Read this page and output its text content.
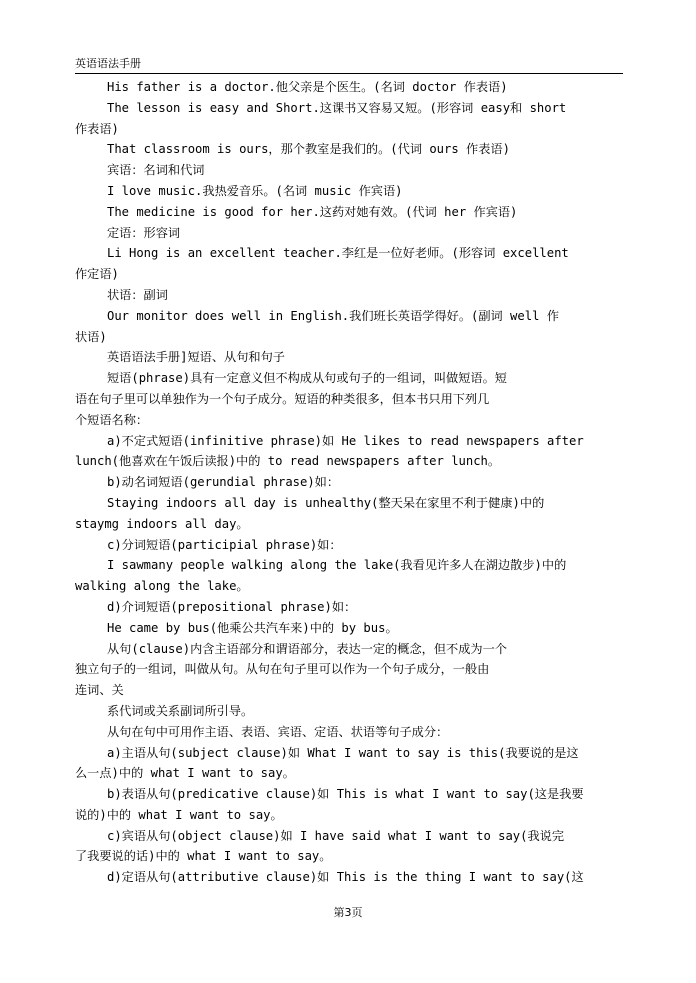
英语语法手册

His father is a doctor.他父亲是个医生。(名词 doctor 作表语)

The lesson is easy and Short.这课书又容易又短。(形容词 easy和 short

作表语)

That classroom is ours，那个教室是我们的。(代词 ours 作表语)

宾语：名词和代词

I love music.我热爱音乐。(名词 music 作宾语)

The medicine is good for her.这药对她有效。(代词 her 作宾语)

定语：形容词

Li Hong is an excellent teacher.李红是一位好老师。(形容词 excellent

作定语)

状语：副词

Our monitor does well in English.我们班长英语学得好。(副词 well 作

状语)

英语语法手册]短语、从句和句子

短语(phrase)具有一定意义但不构成从句或句子的一组词，叫做短语。短

语在句子里可以单独作为一个句子成分。短语的种类很多，但本书只用下列几

个短语名称：

a)不定式短语(infinitive phrase)如 He likes to read newspapers after

lunch(他喜欢在午饭后读报)中的 to read newspapers after lunch。

b)动名词短语(gerundial phrase)如：

Staying indoors all day is unhealthy(整天呆在家里不利于健康)中的

staymg indoors all day。

c)分词短语(participial phrase)如：

I sawmany people walking along the lake(我看见许多人在湖边散步)中的

walking along the lake。

d)介词短语(prepositional phrase)如：

He came by bus(他乘公共汽车来)中的 by bus。

从句(clause)内含主语部分和谓语部分，表达一定的概念，但不成为一个

独立句子的一组词，叫做从句。从句在句子里可以作为一个句子成分，一般由

连词、关

系代词或关系副词所引导。

从句在句中可用作主语、表语、宾语、定语、状语等句子成分：

a)主语从句(subject clause)如 What I want to say is this(我要说的是这

么一点)中的 what I want to say。

b)表语从句(predicative clause)如 This is what I want to say(这是我要

说的)中的 what I want to say。

c)宾语从句(object clause)如 I have said what I want to say(我说完

了我要说的话)中的 what I want to say。

d)定语从句(attributive clause)如 This is the thing I want to say(这

第3页
